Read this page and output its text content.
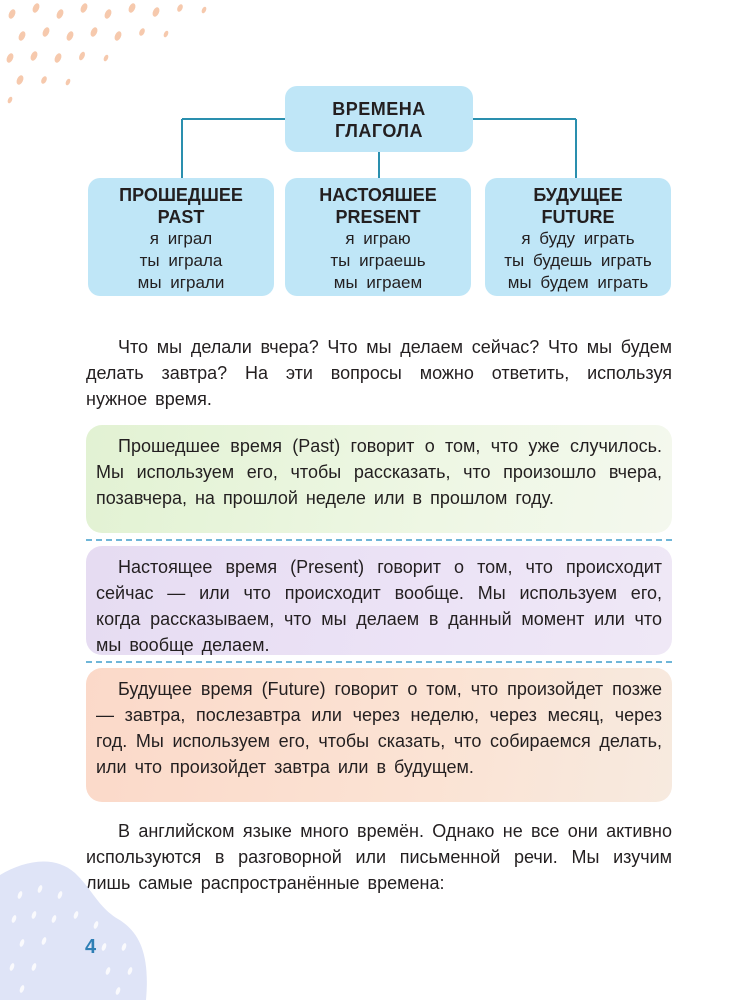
ВРЕМЕНА
ГЛАГОЛА
ПРОШЕДШЕЕ
PAST
я играл
ты играла
мы играли
НАСТОЯШЕЕ
PRESENT
я играю
ты играешь
мы играем
БУДУЩЕЕ
FUTURE
я буду играть
ты будешь играть
мы будем играть

Что мы делали вчера? Что мы делаем сейчас? Что мы будем делать завтра? На эти вопросы можно ответить, используя нужное время.

Прошедшее время (Past) говорит о том, что уже случилось. Мы используем его, чтобы рассказать, что произошло вчера, позавчера, на прошлой неделе или в прошлом году.

Настоящее время (Present) говорит о том, что происходит сейчас — или что происходит вообще. Мы используем его, когда рассказываем, что мы делаем в данный момент или что мы вообще делаем.

Будущее время (Future) говорит о том, что произойдет позже — завтра, послезавтра или через неделю, через месяц, через год. Мы используем его, чтобы сказать, что собираемся делать, или что произойдет завтра или в будущем.

В английском языке много времён. Однако не все они активно используются в разговорной или письменной речи. Мы изучим лишь самые распространённые времена:

4
